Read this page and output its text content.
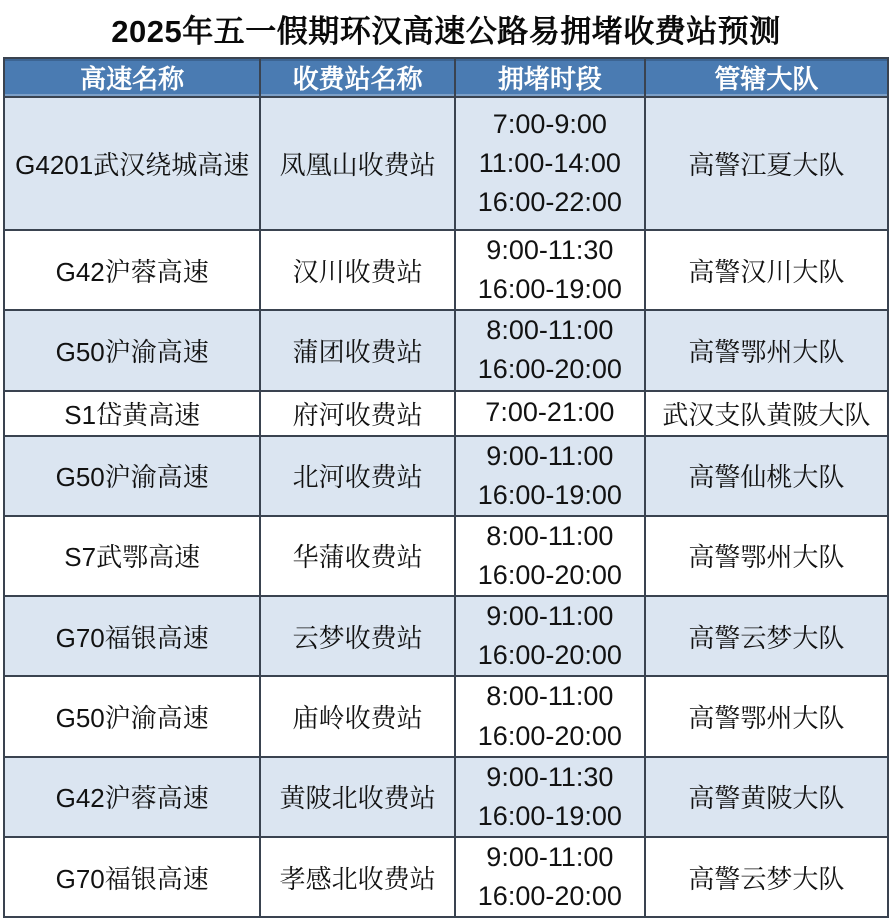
2025年五一假期环汉高速公路易拥堵收费站预测
高速名称	收费站名称	拥堵时段	管辖大队
G4201武汉绕城高速	凤凰山收费站	7:00-9:00
11:00-14:00
16:00-22:00	高警江夏大队
G42沪蓉高速	汉川收费站	9:00-11:30
16:00-19:00	高警汉川大队
G50沪渝高速	蒲团收费站	8:00-11:00
16:00-20:00	高警鄂州大队
S1岱黄高速	府河收费站	7:00-21:00	武汉支队黄陂大队
G50沪渝高速	北河收费站	9:00-11:00
16:00-19:00	高警仙桃大队
S7武鄂高速	华蒲收费站	8:00-11:00
16:00-20:00	高警鄂州大队
G70福银高速	云梦收费站	9:00-11:00
16:00-20:00	高警云梦大队
G50沪渝高速	庙岭收费站	8:00-11:00
16:00-20:00	高警鄂州大队
G42沪蓉高速	黄陂北收费站	9:00-11:30
16:00-19:00	高警黄陂大队
G70福银高速	孝感北收费站	9:00-11:00
16:00-20:00	高警云梦大队
